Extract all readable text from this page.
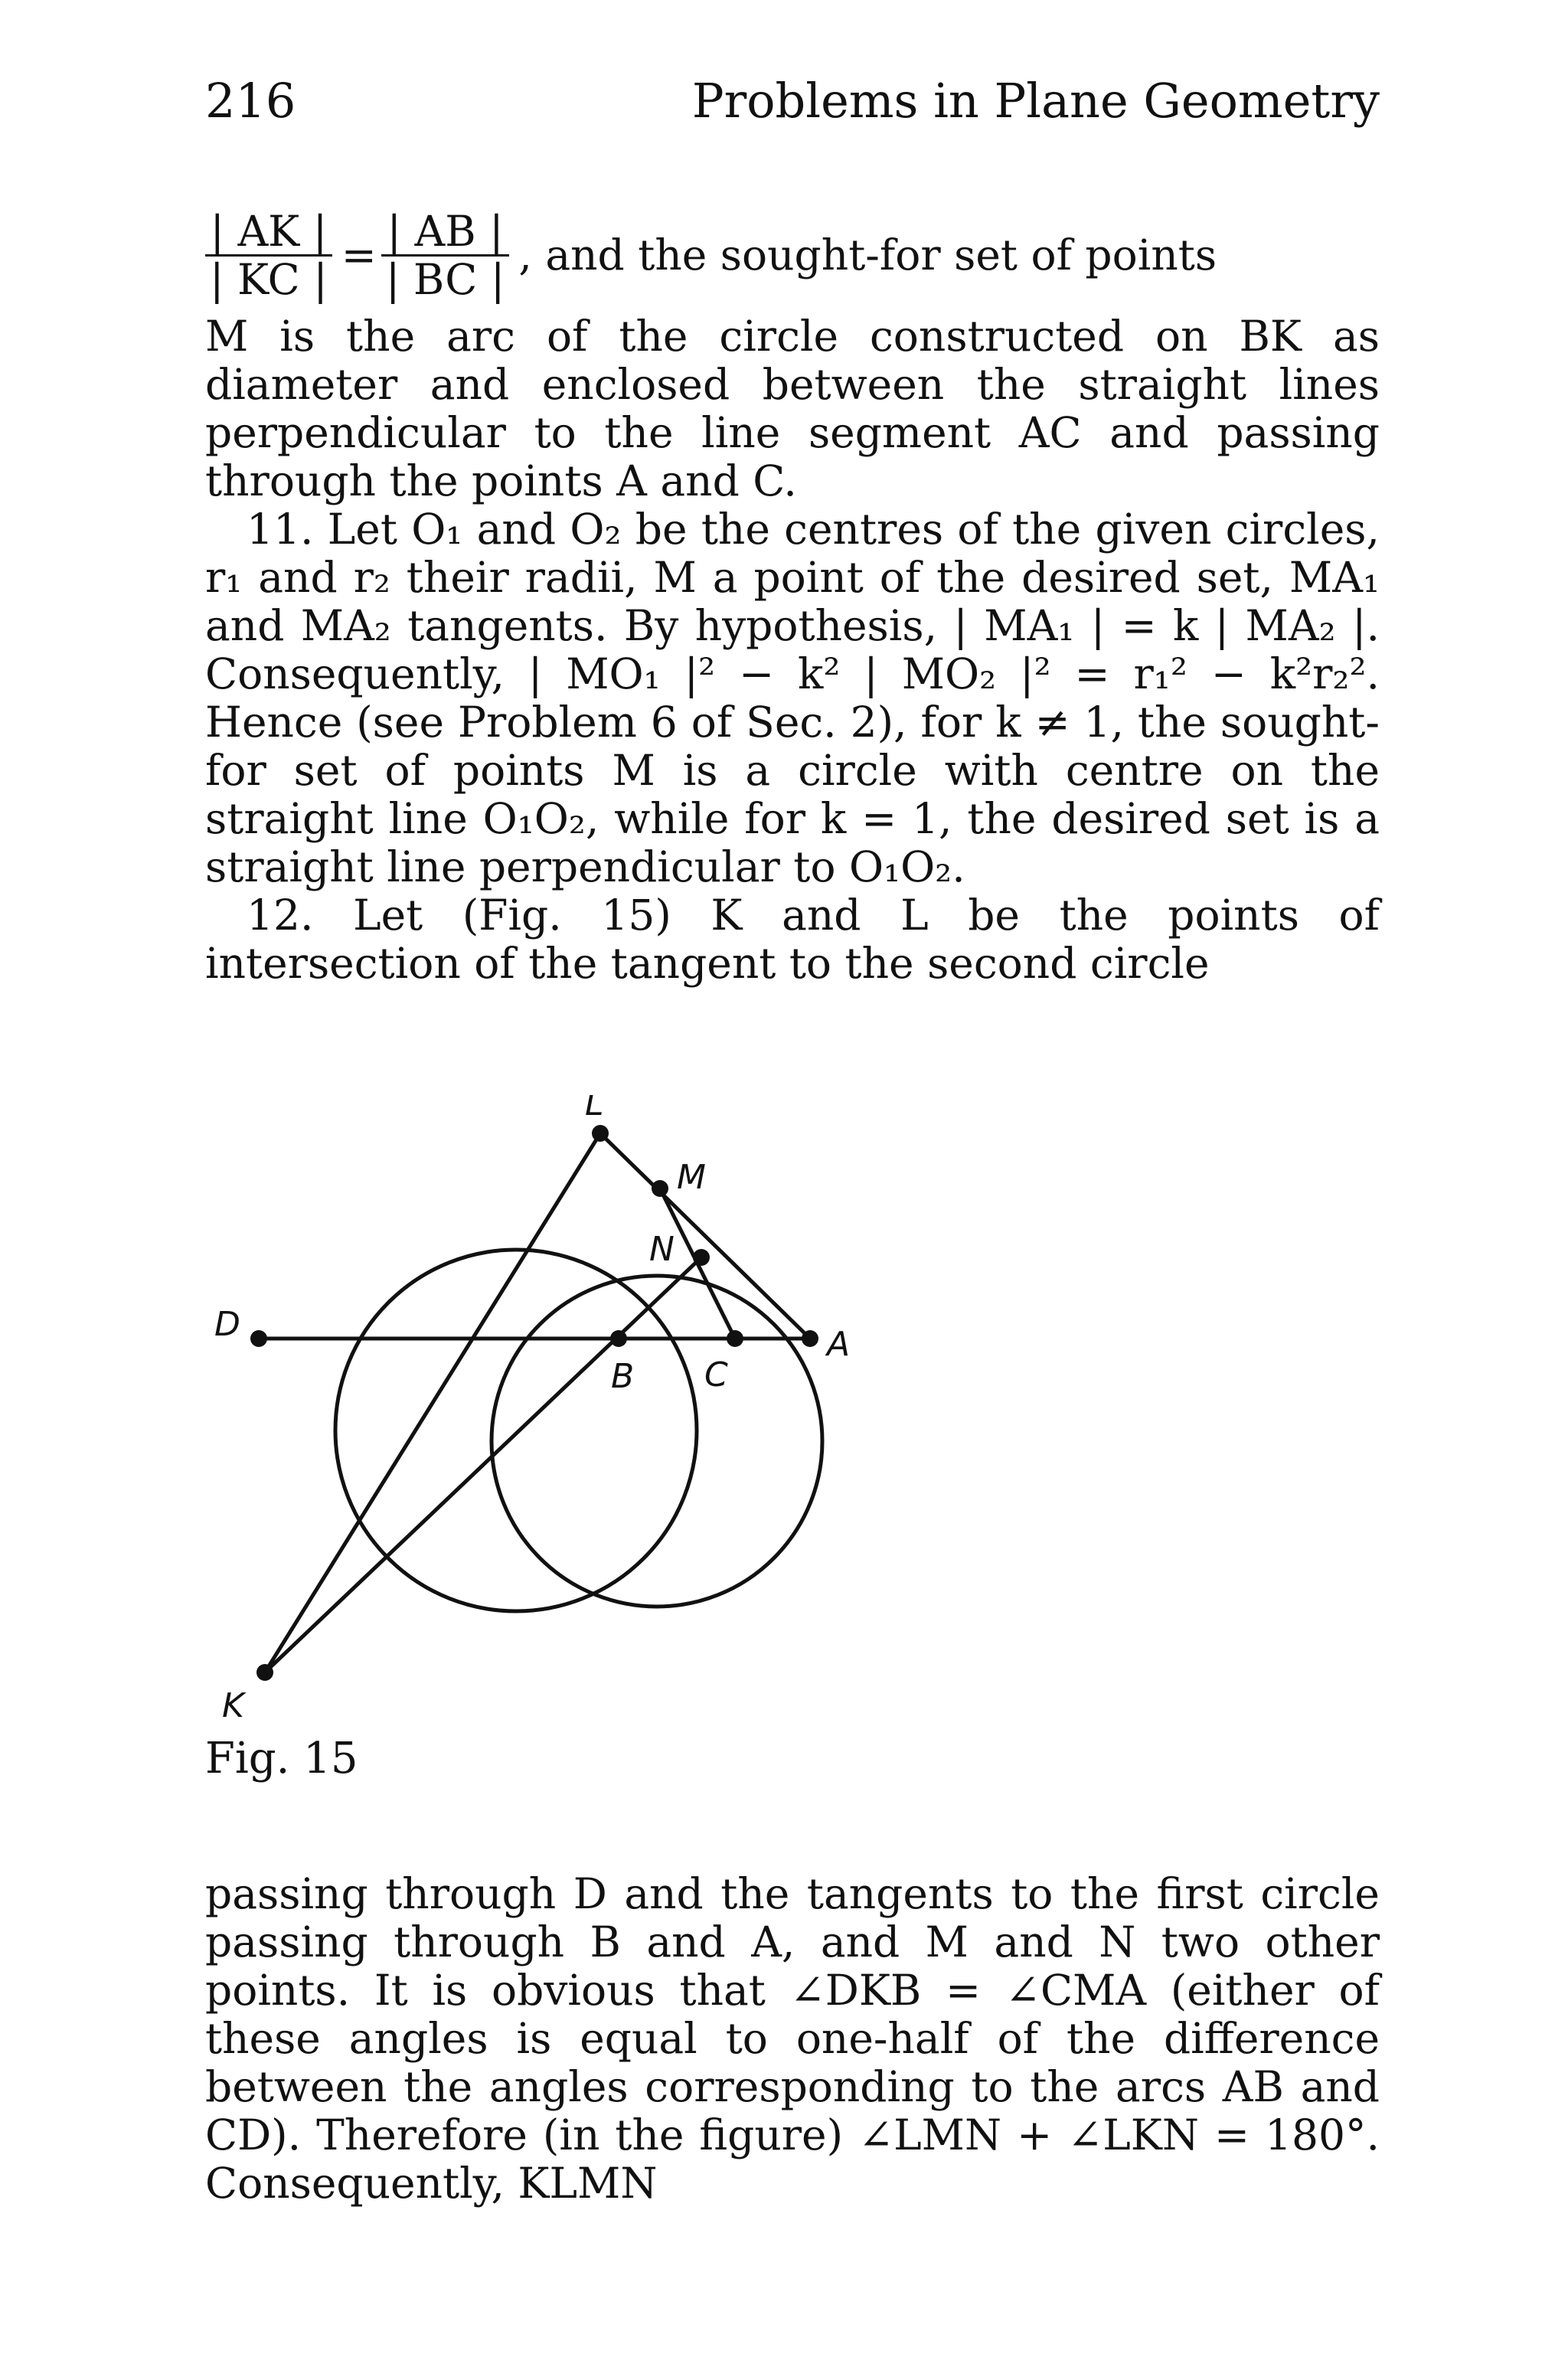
216	Problems in Plane Geometry
$\frac{| AK |}{| KC |} = \frac{| AB |}{| BC |}$ , and the sought-for set of points

M is the arc of the circle constructed on BK as diameter and enclosed between the straight lines perpendicular to the line segment AC and passing through the points A and C.

11. Let O₁ and O₂ be the centres of the given circles, r₁ and r₂ their radii, M a point of the desired set, MA₁ and MA₂ tangents. By hypothesis, | MA₁ | = k | MA₂ |. Consequently, | MO₁ |² − k² | MO₂ |² = r₁² − k²r₂². Hence (see Problem 6 of Sec. 2), for k ≠ 1, the sought-for set of points M is a circle with centre on the straight line O₁O₂, while for k = 1, the desired set is a straight line perpendicular to O₁O₂.

12. Let (Fig. 15) K and L be the points of intersection of the tangent to the second circle

L
M
N
D
B C
A
K
Fig. 15

passing through D and the tangents to the first circle passing through B and A, and M and N two other points. It is obvious that ∠DKB = ∠CMA (either of these angles is equal to one-half of the difference between the angles corresponding to the arcs AB and CD). Therefore (in the figure) ∠LMN + ∠LKN = 180°. Consequently, KLMN
